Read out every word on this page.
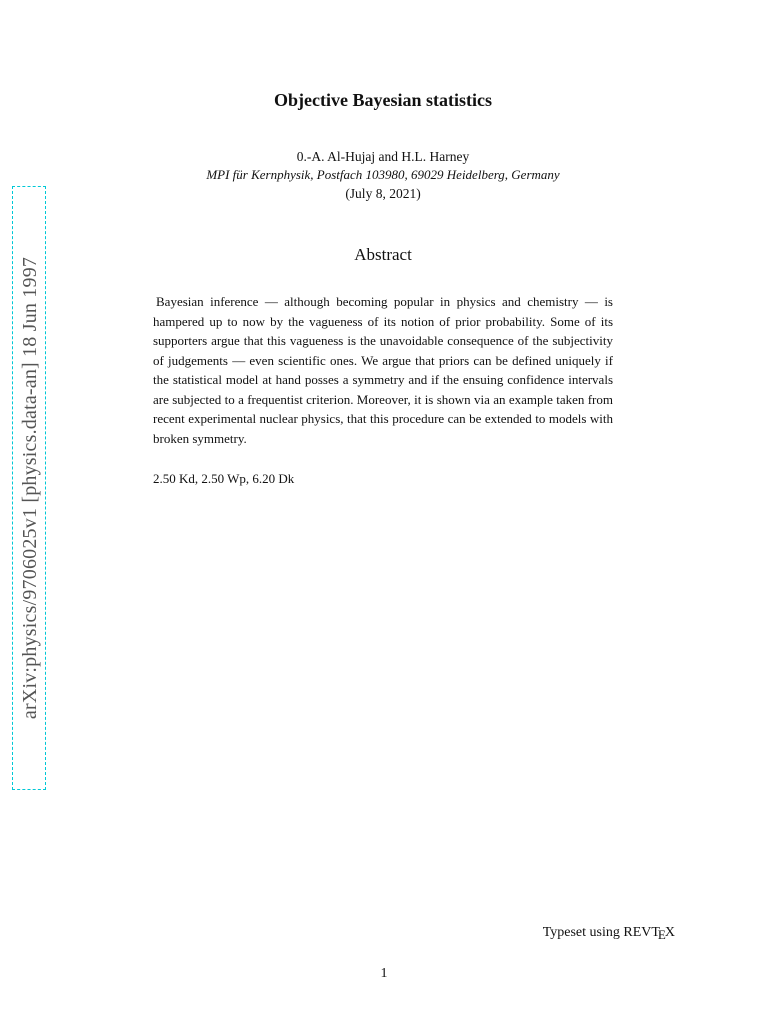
arXiv:physics/9706025v1 [physics.data-an] 18 Jun 1997
Objective Bayesian statistics
0.-A. Al-Hujaj and H.L. Harney
MPI für Kernphysik, Postfach 103980, 69029 Heidelberg, Germany
(July 8, 2021)
Abstract
Bayesian inference — although becoming popular in physics and chemistry — is hampered up to now by the vagueness of its notion of prior probability. Some of its supporters argue that this vagueness is the unavoidable consequence of the subjectivity of judgements — even scientific ones. We argue that priors can be defined uniquely if the statistical model at hand posses a symmetry and if the ensuing confidence intervals are subjected to a frequentist criterion. Moreover, it is shown via an example taken from recent experimental nuclear physics, that this procedure can be extended to models with broken symmetry.
2.50 Kd, 2.50 Wp, 6.20 Dk
Typeset using REVTEX
1
